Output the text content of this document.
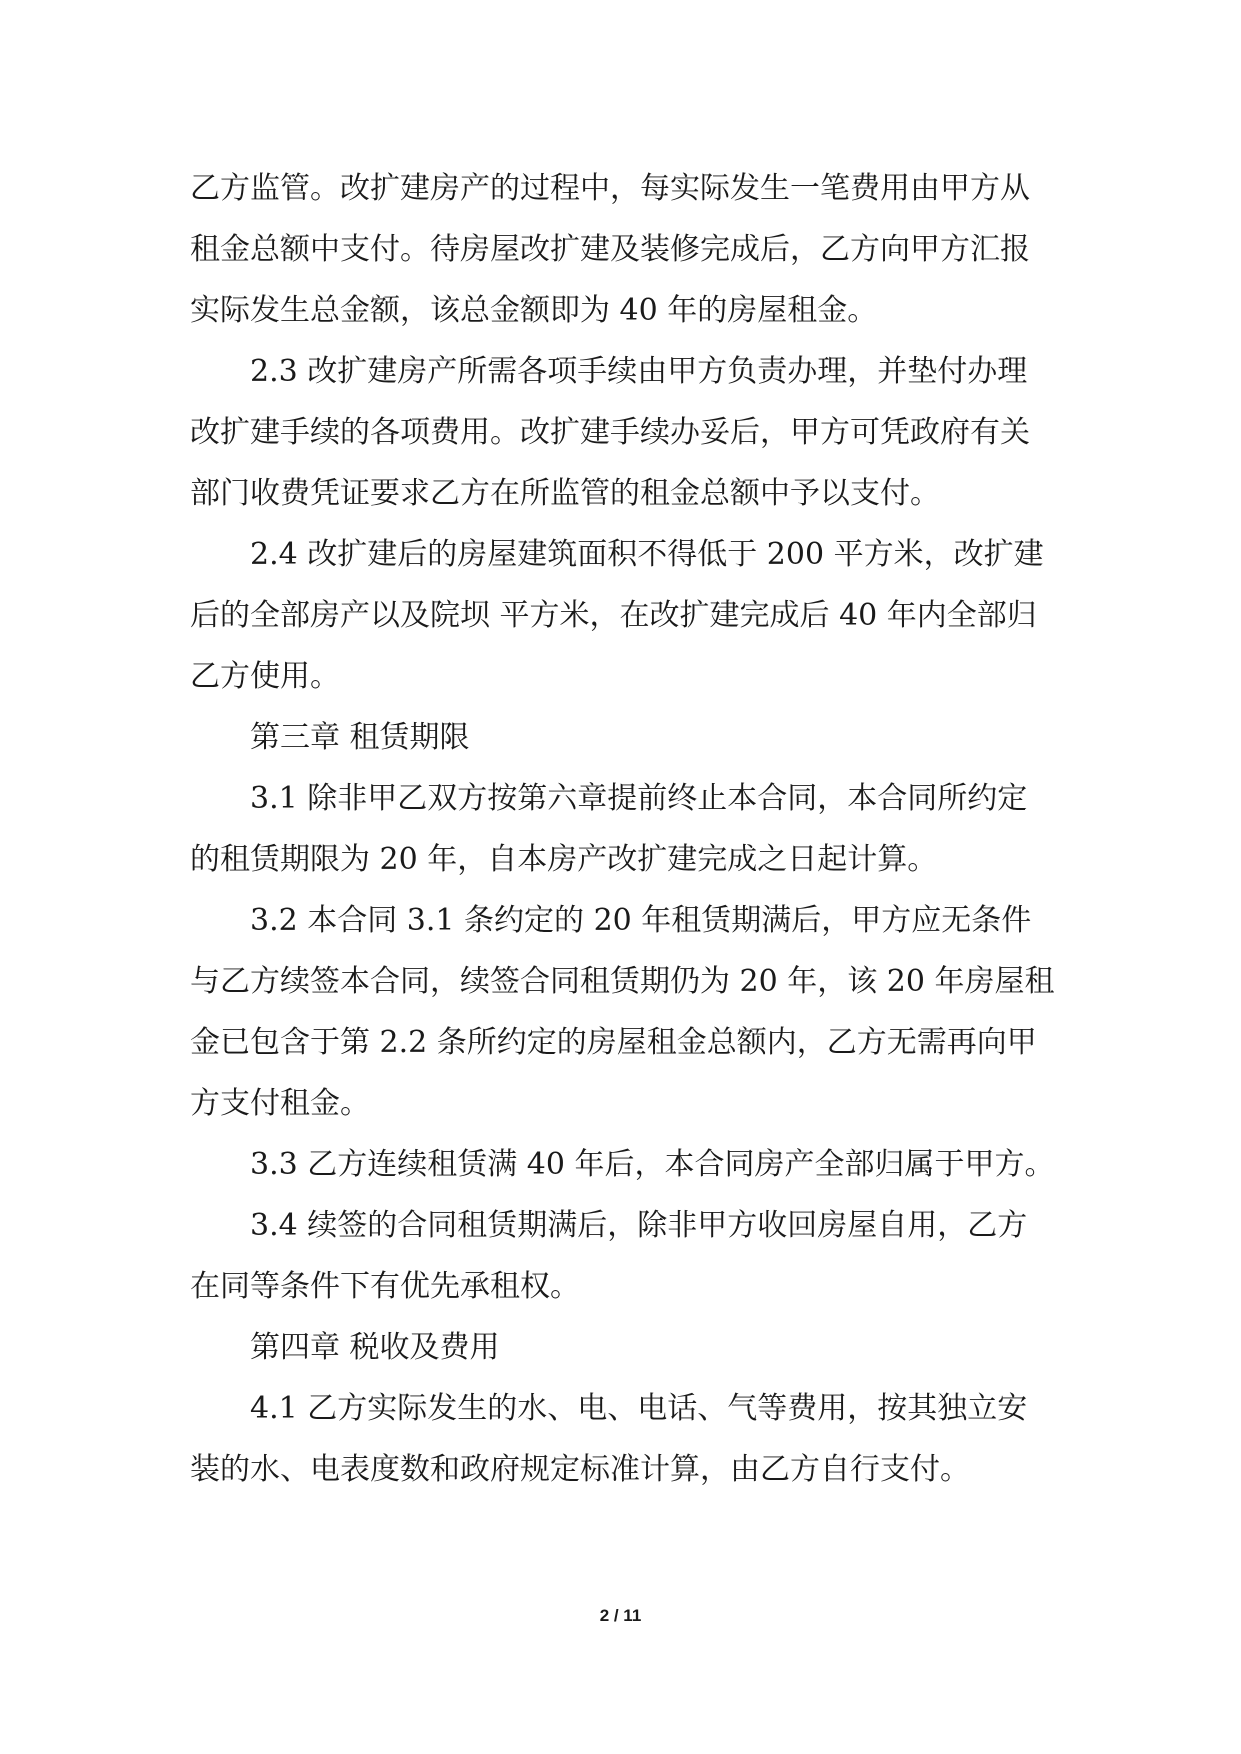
乙方监管。改扩建房产的过程中，每实际发生一笔费用由甲方从
租金总额中支付。待房屋改扩建及装修完成后，乙方向甲方汇报
实际发生总金额，该总金额即为 40 年的房屋租金。
2.3 改扩建房产所需各项手续由甲方负责办理，并垫付办理
改扩建手续的各项费用。改扩建手续办妥后，甲方可凭政府有关
部门收费凭证要求乙方在所监管的租金总额中予以支付。
2.4 改扩建后的房屋建筑面积不得低于 200 平方米，改扩建
后的全部房产以及院坝 平方米，在改扩建完成后 40 年内全部归
乙方使用。
第三章 租赁期限
3.1 除非甲乙双方按第六章提前终止本合同，本合同所约定
的租赁期限为 20 年，自本房产改扩建完成之日起计算。
3.2 本合同 3.1 条约定的 20 年租赁期满后，甲方应无条件
与乙方续签本合同，续签合同租赁期仍为 20 年，该 20 年房屋租
金已包含于第 2.2 条所约定的房屋租金总额内，乙方无需再向甲
方支付租金。
3.3 乙方连续租赁满 40 年后，本合同房产全部归属于甲方。
3.4 续签的合同租赁期满后，除非甲方收回房屋自用，乙方
在同等条件下有优先承租权。
第四章 税收及费用
4.1 乙方实际发生的水、电、电话、气等费用，按其独立安
装的水、电表度数和政府规定标准计算，由乙方自行支付。
2 / 11
